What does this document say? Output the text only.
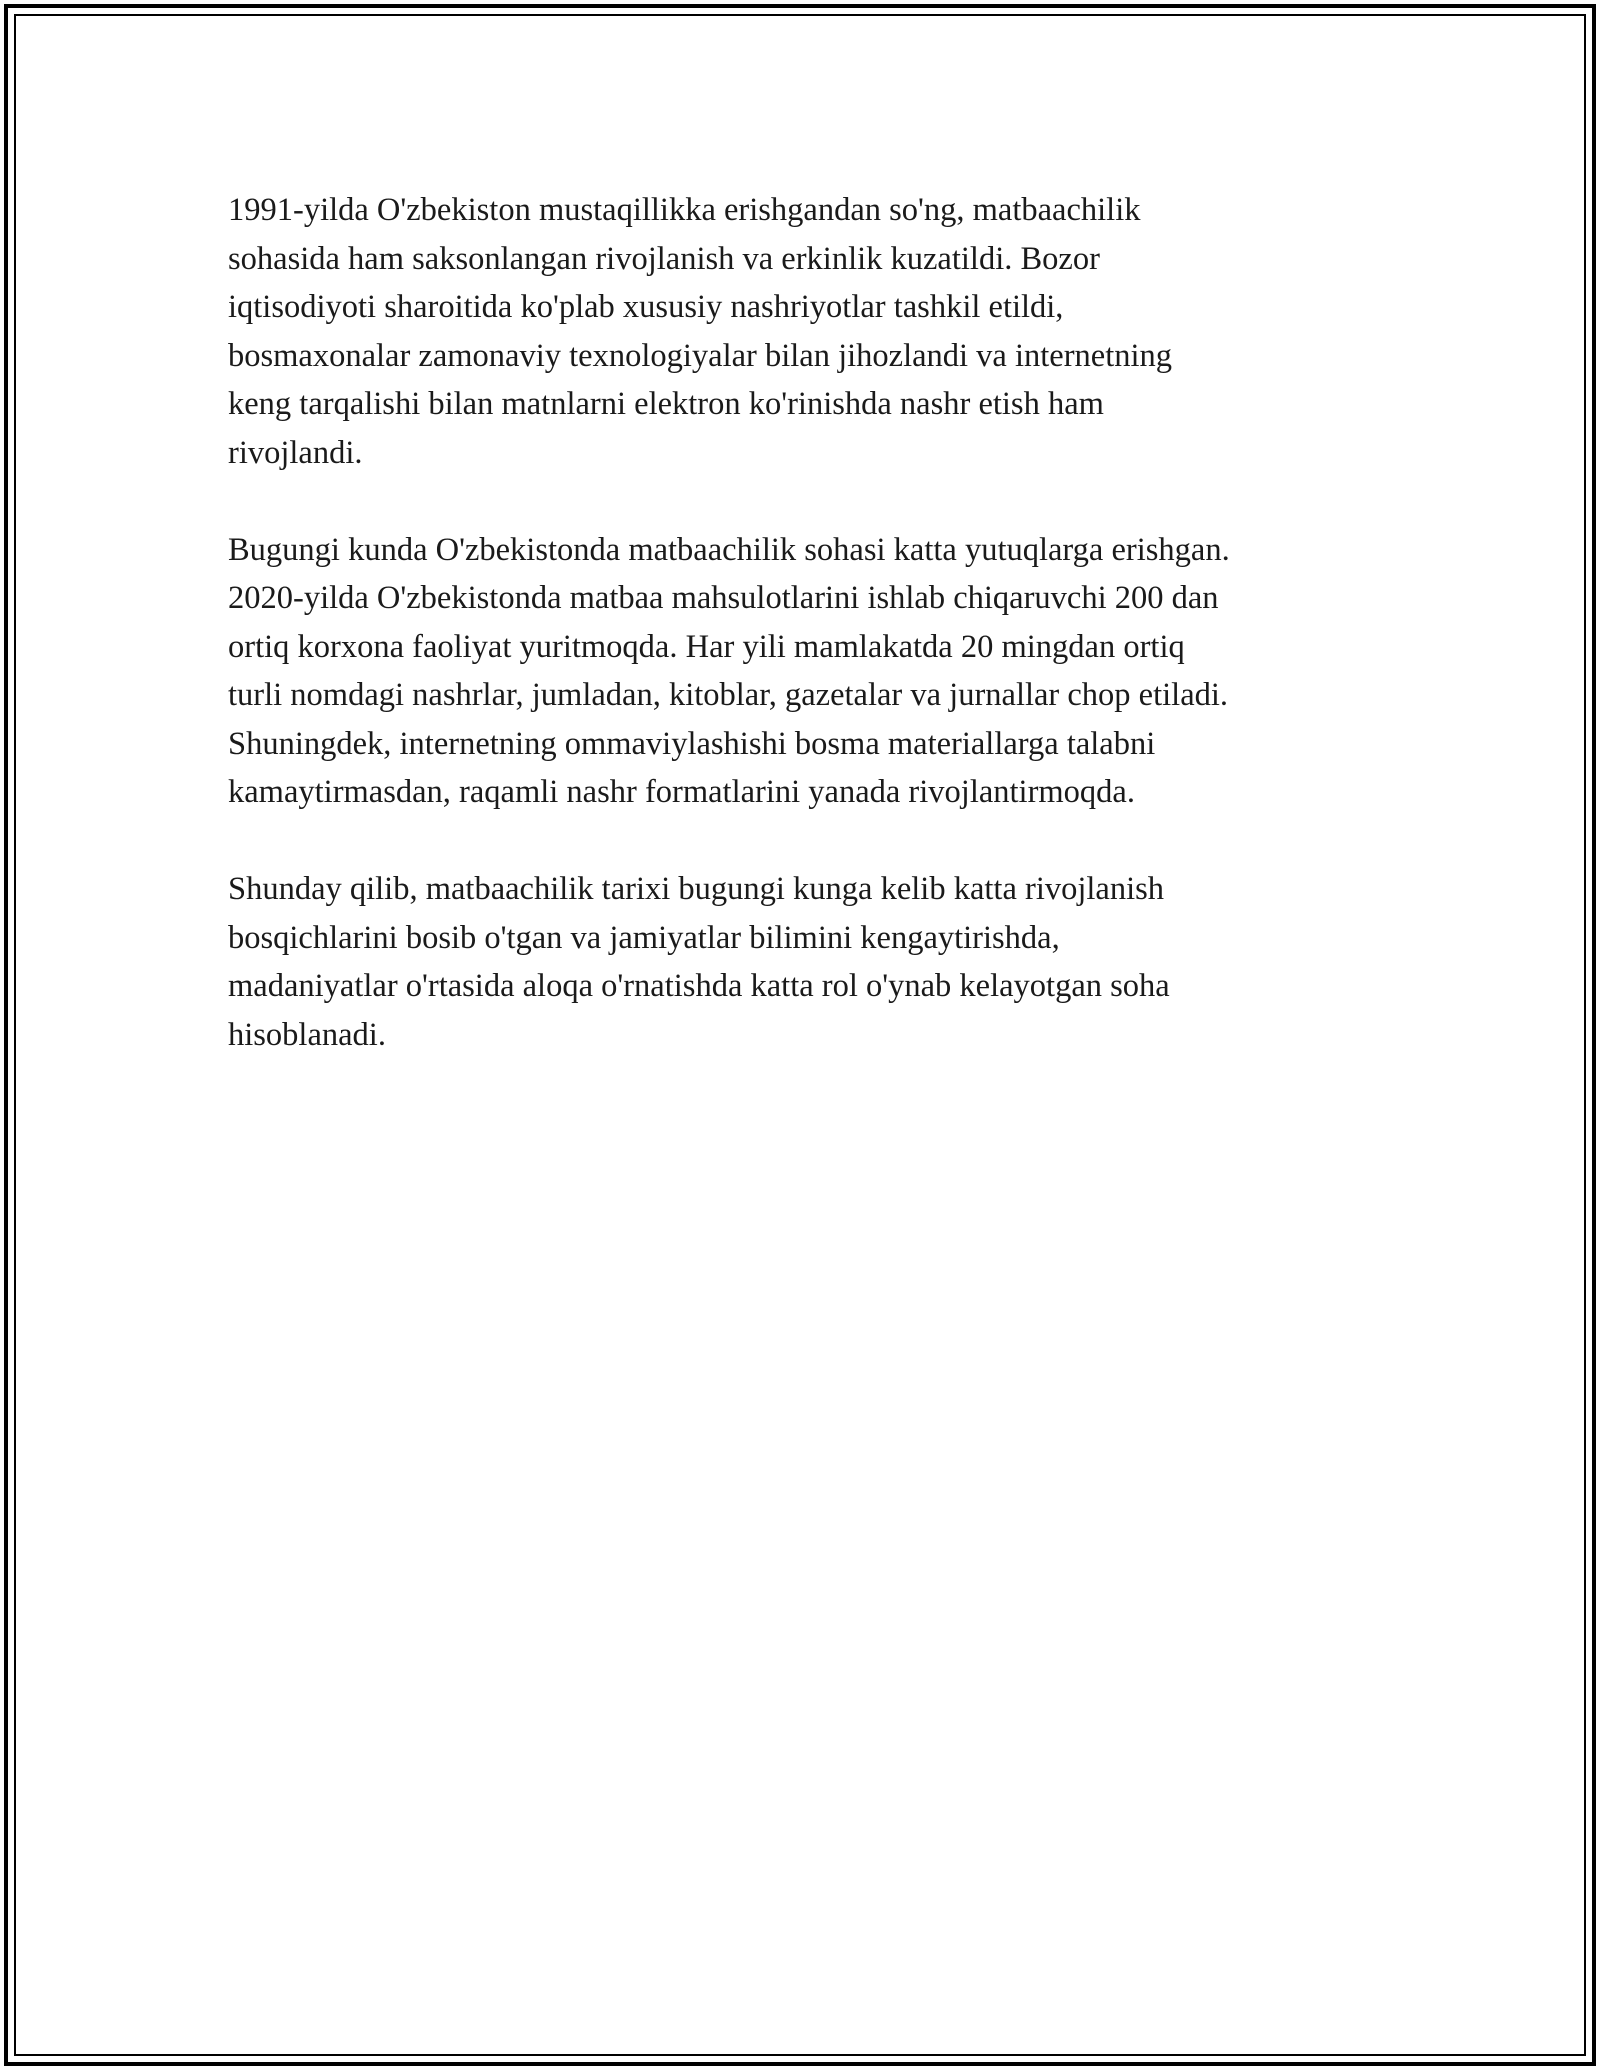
1991-yilda O'zbekiston mustaqillikka erishgandan so'ng, matbaachilik
sohasida ham saksonlangan rivojlanish va erkinlik kuzatildi. Bozor
iqtisodiyoti sharoitida ko'plab xususiy nashriyotlar tashkil etildi,
bosmaxonalar zamonaviy texnologiyalar bilan jihozlandi va internetning
keng tarqalishi bilan matnlarni elektron ko'rinishda nashr etish ham
rivojlandi.

Bugungi kunda O'zbekistonda matbaachilik sohasi katta yutuqlarga erishgan.
2020-yilda O'zbekistonda matbaa mahsulotlarini ishlab chiqaruvchi 200 dan
ortiq korxona faoliyat yuritmoqda. Har yili mamlakatda 20 mingdan ortiq
turli nomdagi nashrlar, jumladan, kitoblar, gazetalar va jurnallar chop etiladi.
Shuningdek, internetning ommaviylashishi bosma materiallarga talabni
kamaytirmasdan, raqamli nashr formatlarini yanada rivojlantirmoqda.

Shunday qilib, matbaachilik tarixi bugungi kunga kelib katta rivojlanish
bosqichlarini bosib o'tgan va jamiyatlar bilimini kengaytirishda,
madaniyatlar o'rtasida aloqa o'rnatishda katta rol o'ynab kelayotgan soha
hisoblanadi.
